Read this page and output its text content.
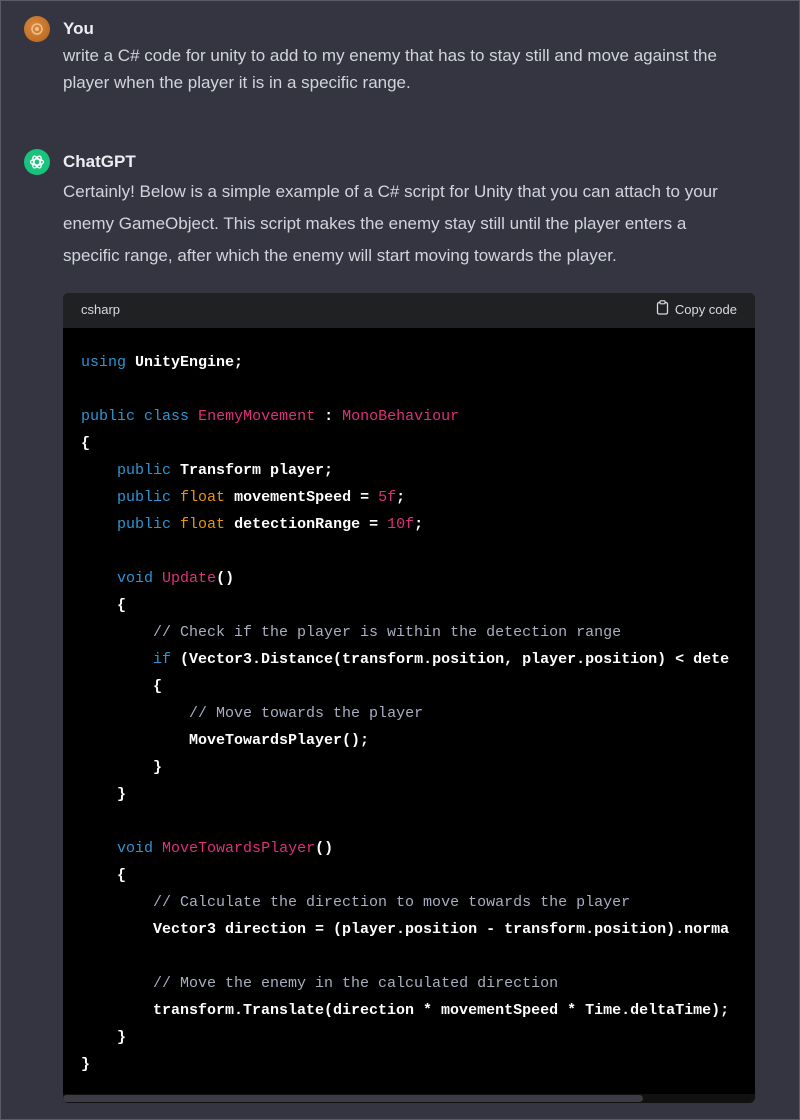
You
write a C# code for unity to add to my enemy that has to stay still and move against the
player when the player it is in a specific range.
ChatGPT
Certainly! Below is a simple example of a C# script for Unity that you can attach to your
enemy GameObject. This script makes the enemy stay still until the player enters a
specific range, after which the enemy will start moving towards the player.
csharp	Copy code
using UnityEngine;

public class EnemyMovement : MonoBehaviour
{
public Transform player;
public float movementSpeed = 5f;
public float detectionRange = 10f;

void Update()
{
// Check if the player is within the detection range
if (Vector3.Distance(transform.position, player.position) < dete
{
// Move towards the player
MoveTowardsPlayer();
}
}

void MoveTowardsPlayer()
{
// Calculate the direction to move towards the player
Vector3 direction = (player.position - transform.position).norma

// Move the enemy in the calculated direction
transform.Translate(direction * movementSpeed * Time.deltaTime);
}
}
